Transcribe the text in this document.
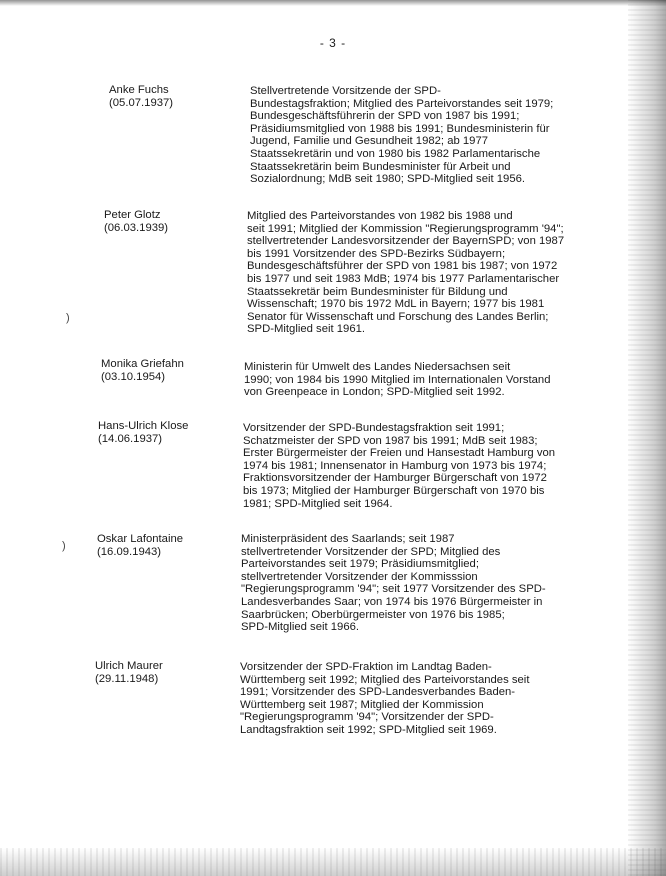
- 3 -
)
)
Anke Fuchs
(05.07.1937)
Stellvertretende Vorsitzende der SPD-
Bundestagsfraktion; Mitglied des Parteivorstandes seit 1979;
Bundesgeschäftsführerin der SPD von 1987 bis 1991;
Präsidiumsmitglied von 1988 bis 1991; Bundesministerin für
Jugend, Familie und Gesundheit 1982; ab 1977
Staatssekretärin und von 1980 bis 1982 Parlamentarische
Staatssekretärin beim Bundesminister für Arbeit und
Sozialordnung; MdB seit 1980; SPD-Mitglied seit 1956.
Peter Glotz
(06.03.1939)
Mitglied des Parteivorstandes von 1982 bis 1988 und
seit 1991; Mitglied der Kommission "Regierungsprogramm '94";
stellvertretender Landesvorsitzender der BayernSPD; von 1987
bis 1991 Vorsitzender des SPD-Bezirks Südbayern;
Bundesgeschäftsführer der SPD von 1981 bis 1987; von 1972
bis 1977 und seit 1983 MdB; 1974 bis 1977 Parlamentarischer
Staatssekretär beim Bundesminister für Bildung und
Wissenschaft; 1970 bis 1972 MdL in Bayern; 1977 bis 1981
Senator für Wissenschaft und Forschung des Landes Berlin;
SPD-Mitglied seit 1961.
Monika Griefahn
(03.10.1954)
Ministerin für Umwelt des Landes Niedersachsen seit
1990; von 1984 bis 1990 Mitglied im Internationalen Vorstand
von Greenpeace in London; SPD-Mitglied seit 1992.
Hans-Ulrich Klose
(14.06.1937)
Vorsitzender der SPD-Bundestagsfraktion seit 1991;
Schatzmeister der SPD von 1987 bis 1991; MdB seit 1983;
Erster Bürgermeister der Freien und Hansestadt Hamburg von
1974 bis 1981; Innensenator in Hamburg von 1973 bis 1974;
Fraktionsvorsitzender der Hamburger Bürgerschaft von 1972
bis 1973; Mitglied der Hamburger Bürgerschaft von 1970 bis
1981; SPD-Mitglied seit 1964.
Oskar Lafontaine
(16.09.1943)
Ministerpräsident des Saarlands; seit 1987
stellvertretender Vorsitzender der SPD; Mitglied des
Parteivorstandes seit 1979; Präsidiumsmitglied;
stellvertretender Vorsitzender der Kommisssion
"Regierungsprogramm '94"; seit 1977 Vorsitzender des SPD-
Landesverbandes Saar; von 1974 bis 1976 Bürgermeister in
Saarbrücken; Oberbürgermeister von 1976 bis 1985;
SPD-Mitglied seit 1966.
Ulrich Maurer
(29.11.1948)
Vorsitzender der SPD-Fraktion im Landtag Baden-
Württemberg seit 1992; Mitglied des Parteivorstandes seit
1991; Vorsitzender des SPD-Landesverbandes Baden-
Württemberg seit 1987; Mitglied der Kommission
"Regierungsprogramm '94"; Vorsitzender der SPD-
Landtagsfraktion seit 1992; SPD-Mitglied seit 1969.
